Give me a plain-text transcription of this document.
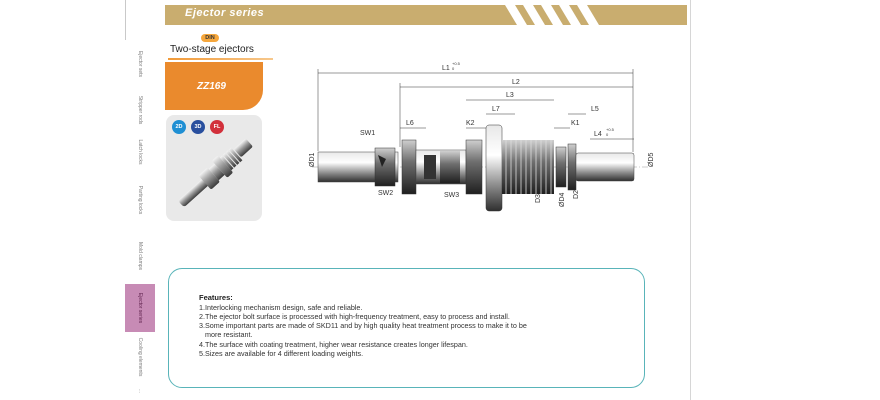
Ejector sets
Stripper rods
Latch locks
Parting locks
Mold clamps
Ejector series
Cooling elements
...
Ejector series
DIN
Two-stage ejectors
ZZ169
2D	3D	FL
L1
+0.5
0
L2
L3
L7	L5
L6	K2	K1
L4
+0.5
0
SW1
SW2	SW3
ØD1
D3 ØD4 D2
ØD5
Features:
1.Interlocking mechanism design, safe and reliable.
2.The ejector bolt surface is processed with high-frequency treatment, easy to process and install.
3.Some important parts are made of SKD11 and by high quality heat treatment process to make it to be
more resistant.
4.The surface with coating treatment, higher wear resistance creates longer lifespan.
5.Sizes are available for 4 different loading weights.
